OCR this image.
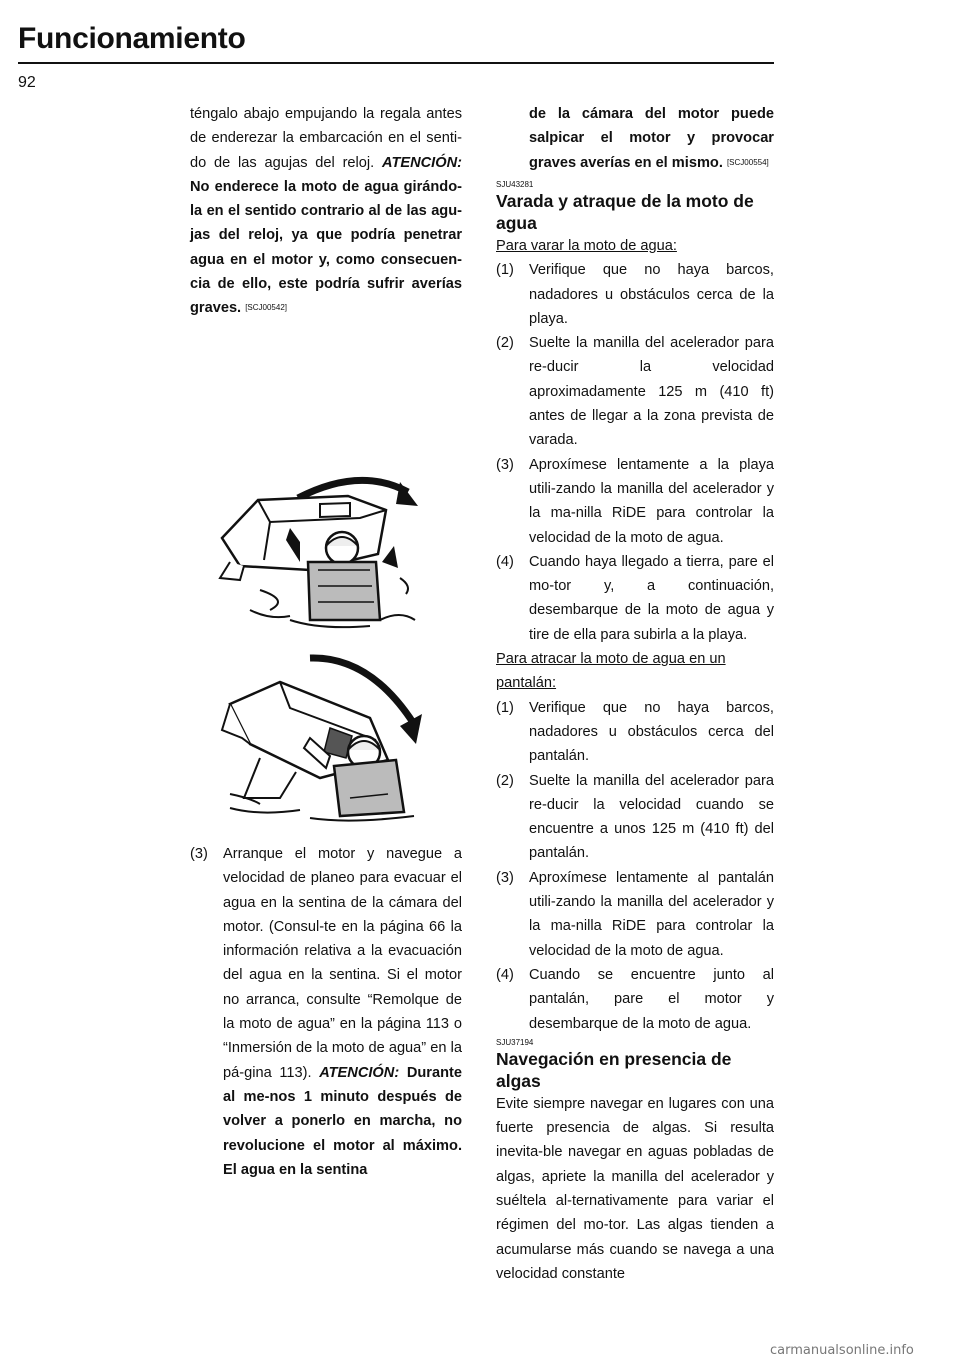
Funcionamiento
92

téngalo abajo empujando la regala antes de enderezar la embarcación en el senti-do de las agujas del reloj. ATENCIÓN: No enderece la moto de agua girándo-la en el sentido contrario al de las agu-jas del reloj, ya que podría penetrar agua en el motor y, como consecuen-cia de ello, este podría sufrir averías graves. [SCJ00542]

(3) Arranque el motor y navegue a velocidad de planeo para evacuar el agua en la sentina de la cámara del motor. (Consul-te en la página 66 la información relativa a la evacuación del agua en la sentina. Si el motor no arranca, consulte “Remolque de la moto de agua” en la página 113 o “Inmersión de la moto de agua” en la pá-gina 113). ATENCIÓN: Durante al me-nos 1 minuto después de volver a ponerlo en marcha, no revolucione el motor al máximo. El agua en la sentina

de la cámara del motor puede salpicar el motor y provocar graves averías en el mismo. [SCJ00554]

SJU43281
Varada y atraque de la moto de agua
Para varar la moto de agua:
(1) Verifique que no haya barcos, nadadores u obstáculos cerca de la playa.
(2) Suelte la manilla del acelerador para re-ducir la velocidad aproximadamente 125 m (410 ft) antes de llegar a la zona prevista de varada.
(3) Aproxímese lentamente a la playa utili-zando la manilla del acelerador y la ma-nilla RiDE para controlar la velocidad de la moto de agua.
(4) Cuando haya llegado a tierra, pare el mo-tor y, a continuación, desembarque de la moto de agua y tire de ella para subirla a la playa.
Para atracar la moto de agua en un pantalán:
(1) Verifique que no haya barcos, nadadores u obstáculos cerca del pantalán.
(2) Suelte la manilla del acelerador para re-ducir la velocidad cuando se encuentre a unos 125 m (410 ft) del pantalán.
(3) Aproxímese lentamente al pantalán utili-zando la manilla del acelerador y la ma-nilla RiDE para controlar la velocidad de la moto de agua.
(4) Cuando se encuentre junto al pantalán, pare el motor y desembarque de la moto de agua.
SJU37194
Navegación en presencia de algas

Evite siempre navegar en lugares con una fuerte presencia de algas. Si resulta inevita-ble navegar en aguas pobladas de algas, apriete la manilla del acelerador y suéltela al-ternativamente para variar el régimen del mo-tor. Las algas tienden a acumularse más cuando se navega a una velocidad constante

carmanualsonline.info
